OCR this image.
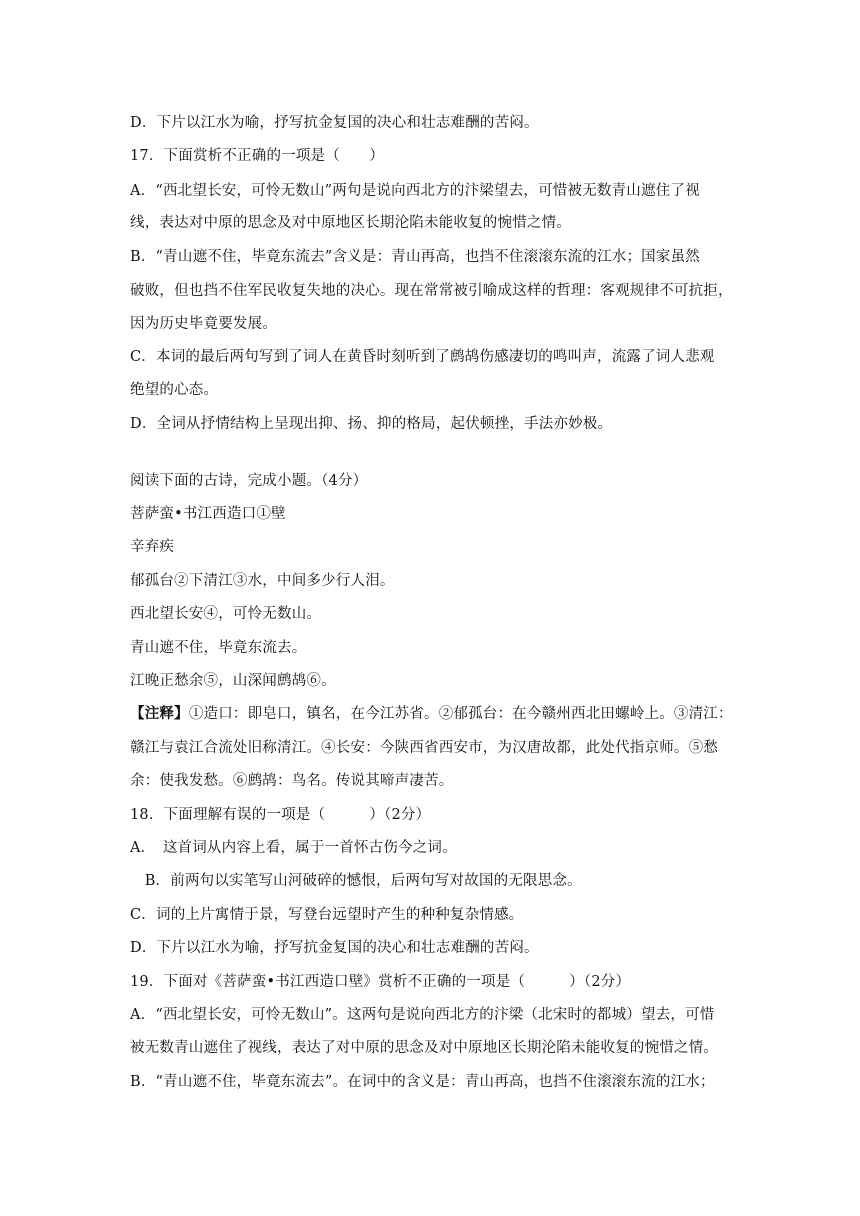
D．下片以江水为喻，抒写抗金复国的决心和壮志难酬的苦闷。
17．下面赏析不正确的一项是（　　）
A．“西北望长安，可怜无数山”两句是说向西北方的汴梁望去，可惜被无数青山遮住了视
线，表达对中原的思念及对中原地区长期沦陷未能收复的惋惜之情。
B．“青山遮不住，毕竟东流去”含义是：青山再高，也挡不住滚滚东流的江水；国家虽然
破败，但也挡不住军民收复失地的决心。现在常常被引喻成这样的哲理：客观规律不可抗拒，
因为历史毕竟要发展。
C．本词的最后两句写到了词人在黄昏时刻听到了鹧鸪伤感凄切的鸣叫声，流露了词人悲观
绝望的心态。
D．全词从抒情结构上呈现出抑、扬、抑的格局，起伏顿挫，手法亦妙极。
阅读下面的古诗，完成小题。（4分）
菩萨蛮•书江西造口①壁
辛弃疾
郁孤台②下清江③水，中间多少行人泪。
西北望长安④，可怜无数山。
青山遮不住，毕竟东流去。
江晚正愁余⑤，山深闻鹧鸪⑥。
【注释】①造口：即皂口，镇名，在今江苏省。②郁孤台：在今赣州西北田螺岭上。③清江：
赣江与袁江合流处旧称清江。④长安：今陕西省西安市，为汉唐故都，此处代指京师。⑤愁
余：使我发愁。⑥鹧鸪：鸟名。传说其啼声凄苦。
18．下面理解有误的一项是（　　　）（2分）
A．　这首词从内容上看，属于一首怀古伤今之词。
　B．前两句以实笔写山河破碎的憾恨，后两句写对故国的无限思念。
C．词的上片寓情于景，写登台远望时产生的种种复杂情感。
D．下片以江水为喻，抒写抗金复国的决心和壮志难酬的苦闷。
19．下面对《菩萨蛮•书江西造口壁》赏析不正确的一项是（　　　）（2分）
A．“西北望长安，可怜无数山”。这两句是说向西北方的汴梁（北宋时的都城）望去，可惜
被无数青山遮住了视线，表达了对中原的思念及对中原地区长期沦陷未能收复的惋惜之情。
B．“青山遮不住，毕竟东流去”。在词中的含义是：青山再高，也挡不住滚滚东流的江水；
